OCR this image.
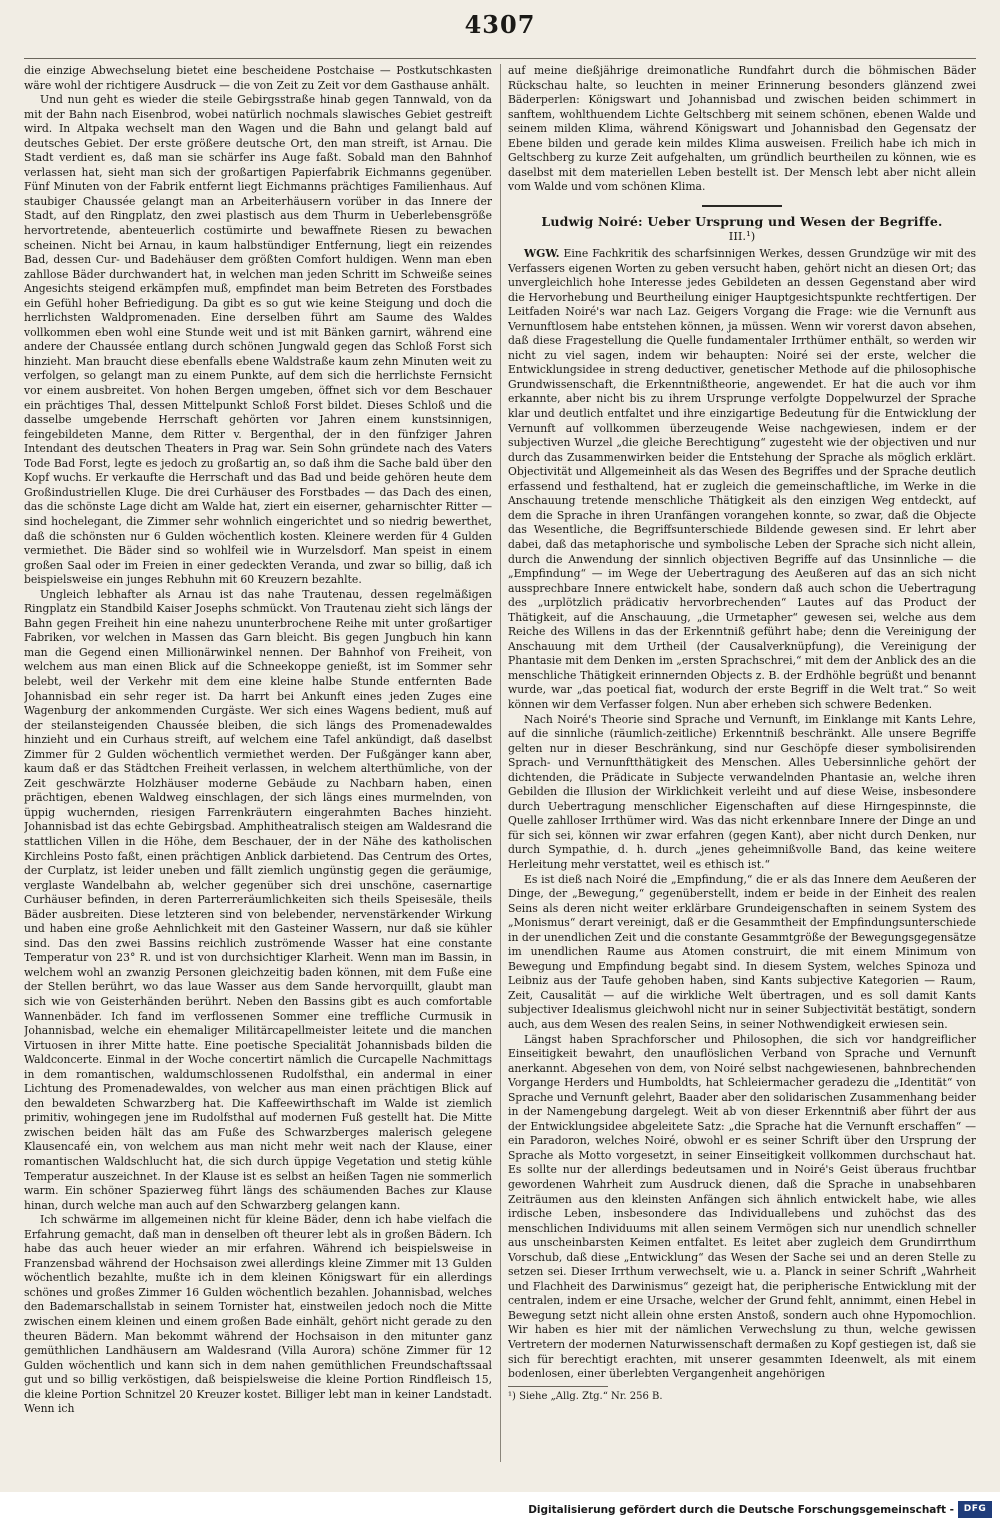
4307

die einzige Abwechselung bietet eine bescheidene Postchaise — Postkutschkasten wäre wohl der richtigere Ausdruck — die von Zeit zu Zeit vor dem Gasthause anhält.

Und nun geht es wieder die steile Gebirgsstraße hinab gegen Tannwald, von da mit der Bahn nach Eisenbrod, wobei natürlich nochmals slawisches Gebiet gestreift wird. In Altpaka wechselt man den Wagen und die Bahn und gelangt bald auf deutsches Gebiet. Der erste größere deutsche Ort, den man streift, ist Arnau. Die Stadt verdient es, daß man sie schärfer ins Auge faßt. Sobald man den Bahnhof verlassen hat, sieht man sich der großartigen Papierfabrik Eichmanns gegenüber. Fünf Minuten von der Fabrik entfernt liegt Eichmanns prächtiges Familienhaus. Auf staubiger Chaussée gelangt man an Arbeiterhäusern vorüber in das Innere der Stadt, auf den Ringplatz, den zwei plastisch aus dem Thurm in Ueberlebensgröße hervortretende, abenteuerlich costümirte und bewaffnete Riesen zu bewachen scheinen. Nicht bei Arnau, in kaum halbstündiger Entfernung, liegt ein reizendes Bad, dessen Cur- und Badehäuser dem größten Comfort huldigen. Wenn man eben zahllose Bäder durchwandert hat, in welchen man jeden Schritt im Schweiße seines Angesichts steigend erkämpfen muß, empfindet man beim Betreten des Forstbades ein Gefühl hoher Befriedigung. Da gibt es so gut wie keine Steigung und doch die herrlichsten Waldpromenaden. Eine derselben führt am Saume des Waldes vollkommen eben wohl eine Stunde weit und ist mit Bänken garnirt, während eine andere der Chaussée entlang durch schönen Jungwald gegen das Schloß Forst sich hinzieht. Man braucht diese ebenfalls ebene Waldstraße kaum zehn Minuten weit zu verfolgen, so gelangt man zu einem Punkte, auf dem sich die herrlichste Fernsicht vor einem ausbreitet. Von hohen Bergen umgeben, öffnet sich vor dem Beschauer ein prächtiges Thal, dessen Mittelpunkt Schloß Forst bildet. Dieses Schloß und die dasselbe umgebende Herrschaft gehörten vor Jahren einem kunstsinnigen, feingebildeten Manne, dem Ritter v. Bergenthal, der in den fünfziger Jahren Intendant des deutschen Theaters in Prag war. Sein Sohn gründete nach des Vaters Tode Bad Forst, legte es jedoch zu großartig an, so daß ihm die Sache bald über den Kopf wuchs. Er verkaufte die Herrschaft und das Bad und beide gehören heute dem Großindustriellen Kluge. Die drei Curhäuser des Forstbades — das Dach des einen, das die schönste Lage dicht am Walde hat, ziert ein eiserner, geharnischter Ritter — sind hochelegant, die Zimmer sehr wohnlich eingerichtet und so niedrig bewerthet, daß die schönsten nur 6 Gulden wöchentlich kosten. Kleinere werden für 4 Gulden vermiethet. Die Bäder sind so wohlfeil wie in Wurzelsdorf. Man speist in einem großen Saal oder im Freien in einer gedeckten Veranda, und zwar so billig, daß ich beispielsweise ein junges Rebhuhn mit 60 Kreuzern bezahlte.

Ungleich lebhafter als Arnau ist das nahe Trautenau, dessen regelmäßigen Ringplatz ein Standbild Kaiser Josephs schmückt. Von Trautenau zieht sich längs der Bahn gegen Freiheit hin eine nahezu ununterbrochene Reihe mit unter großartiger Fabriken, vor welchen in Massen das Garn bleicht. Bis gegen Jungbuch hin kann man die Gegend einen Millionärwinkel nennen. Der Bahnhof von Freiheit, von welchem aus man einen Blick auf die Schneekoppe genießt, ist im Sommer sehr belebt, weil der Verkehr mit dem eine kleine halbe Stunde entfernten Bade Johannisbad ein sehr reger ist. Da harrt bei Ankunft eines jeden Zuges eine Wagenburg der ankommenden Curgäste. Wer sich eines Wagens bedient, muß auf der steilansteigenden Chaussée bleiben, die sich längs des Promenadewaldes hinzieht und ein Curhaus streift, auf welchem eine Tafel ankündigt, daß daselbst Zimmer für 2 Gulden wöchentlich vermiethet werden. Der Fußgänger kann aber, kaum daß er das Städtchen Freiheit verlassen, in welchem alterthümliche, von der Zeit geschwärzte Holzhäuser moderne Gebäude zu Nachbarn haben, einen prächtigen, ebenen Waldweg einschlagen, der sich längs eines murmelnden, von üppig wuchernden, riesigen Farrenkräutern eingerahmten Baches hinzieht. Johannisbad ist das echte Gebirgsbad. Amphitheatralisch steigen am Waldesrand die stattlichen Villen in die Höhe, dem Beschauer, der in der Nähe des katholischen Kirchleins Posto faßt, einen prächtigen Anblick darbietend. Das Centrum des Ortes, der Curplatz, ist leider uneben und fällt ziemlich ungünstig gegen die geräumige, verglaste Wandelbahn ab, welcher gegenüber sich drei unschöne, casernartige Curhäuser befinden, in deren Parterreräumlichkeiten sich theils Speisesäle, theils Bäder ausbreiten. Diese letzteren sind von belebender, nervenstärkender Wirkung und haben eine große Aehnlichkeit mit den Gasteiner Wassern, nur daß sie kühler sind. Das den zwei Bassins reichlich zuströmende Wasser hat eine constante Temperatur von 23° R. und ist von durchsichtiger Klarheit. Wenn man im Bassin, in welchem wohl an zwanzig Personen gleichzeitig baden können, mit dem Fuße eine der Stellen berührt, wo das laue Wasser aus dem Sande hervorquillt, glaubt man sich wie von Geisterhänden berührt. Neben den Bassins gibt es auch comfortable Wannenbäder. Ich fand im verflossenen Sommer eine treffliche Curmusik in Johannisbad, welche ein ehemaliger Militärcapellmeister leitete und die manchen Virtuosen in ihrer Mitte hatte. Eine poetische Specialität Johannisbads bilden die Waldconcerte. Einmal in der Woche concertirt nämlich die Curcapelle Nachmittags in dem romantischen, waldumschlossenen Rudolfsthal, ein andermal in einer Lichtung des Promenadewaldes, von welcher aus man einen prächtigen Blick auf den bewaldeten Schwarzberg hat. Die Kaffeewirthschaft im Walde ist ziemlich primitiv, wohingegen jene im Rudolfsthal auf modernen Fuß gestellt hat. Die Mitte zwischen beiden hält das am Fuße des Schwarzberges malerisch gelegene Klausencafé ein, von welchem aus man nicht mehr weit nach der Klause, einer romantischen Waldschlucht hat, die sich durch üppige Vegetation und stetig kühle Temperatur auszeichnet. In der Klause ist es selbst an heißen Tagen nie sommerlich warm. Ein schöner Spazierweg führt längs des schäumenden Baches zur Klause hinan, durch welche man auch auf den Schwarzberg gelangen kann.

Ich schwärme im allgemeinen nicht für kleine Bäder, denn ich habe vielfach die Erfahrung gemacht, daß man in denselben oft theurer lebt als in großen Bädern. Ich habe das auch heuer wieder an mir erfahren. Während ich beispielsweise in Franzensbad während der Hochsaison zwei allerdings kleine Zimmer mit 13 Gulden wöchentlich bezahlte, mußte ich in dem kleinen Königswart für ein allerdings schönes und großes Zimmer 16 Gulden wöchentlich bezahlen. Johannisbad, welches den Bademarschallstab in seinem Tornister hat, einstweilen jedoch noch die Mitte zwischen einem kleinen und einem großen Bade einhält, gehört nicht gerade zu den theuren Bädern. Man bekommt während der Hochsaison in den mitunter ganz gemüthlichen Landhäusern am Waldesrand (Villa Aurora) schöne Zimmer für 12 Gulden wöchentlich und kann sich in dem nahen gemüthlichen Freundschaftssaal gut und so billig verköstigen, daß beispielsweise die kleine Portion Rindfleisch 15, die kleine Portion Schnitzel 20 Kreuzer kostet. Billiger lebt man in keiner Landstadt. Wenn ich

auf meine dießjährige dreimonatliche Rundfahrt durch die böhmischen Bäder Rückschau halte, so leuchten in meiner Erinnerung besonders glänzend zwei Bäderperlen: Königswart und Johannisbad und zwischen beiden schimmert in sanftem, wohlthuendem Lichte Geltschberg mit seinem schönen, ebenen Walde und seinem milden Klima, während Königswart und Johannisbad den Gegensatz der Ebene bilden und gerade kein mildes Klima ausweisen. Freilich habe ich mich in Geltschberg zu kurze Zeit aufgehalten, um gründlich beurtheilen zu können, wie es daselbst mit dem materiellen Leben bestellt ist. Der Mensch lebt aber nicht allein vom Walde und vom schönen Klima.

Ludwig Noiré: Ueber Ursprung und Wesen der Begriffe.
III.¹)

WGW. Eine Fachkritik des scharfsinnigen Werkes, dessen Grundzüge wir mit des Verfassers eigenen Worten zu geben versucht haben, gehört nicht an diesen Ort; das unvergleichlich hohe Interesse jedes Gebildeten an dessen Gegenstand aber wird die Hervorhebung und Beurtheilung einiger Hauptgesichtspunkte rechtfertigen. Der Leitfaden Noiré's war nach Laz. Geigers Vorgang die Frage: wie die Vernunft aus Vernunftlosem habe entstehen können, ja müssen. Wenn wir vorerst davon absehen, daß diese Fragestellung die Quelle fundamentaler Irrthümer enthält, so werden wir nicht zu viel sagen, indem wir behaupten: Noiré sei der erste, welcher die Entwicklungsidee in streng deductiver, genetischer Methode auf die philosophische Grundwissenschaft, die Erkenntnißtheorie, angewendet. Er hat die auch vor ihm erkannte, aber nicht bis zu ihrem Ursprunge verfolgte Doppelwurzel der Sprache klar und deutlich entfaltet und ihre einzigartige Bedeutung für die Entwicklung der Vernunft auf vollkommen überzeugende Weise nachgewiesen, indem er der subjectiven Wurzel „die gleiche Berechtigung“ zugesteht wie der objectiven und nur durch das Zusammenwirken beider die Entstehung der Sprache als möglich erklärt. Objectivität und Allgemeinheit als das Wesen des Begriffes und der Sprache deutlich erfassend und festhaltend, hat er zugleich die gemeinschaftliche, im Werke in die Anschauung tretende menschliche Thätigkeit als den einzigen Weg entdeckt, auf dem die Sprache in ihren Uranfängen vorangehen konnte, so zwar, daß die Objecte das Wesentliche, die Begriffsunterschiede Bildende gewesen sind. Er lehrt aber dabei, daß das metaphorische und symbolische Leben der Sprache sich nicht allein, durch die Anwendung der sinnlich objectiven Begriffe auf das Unsinnliche — die „Empfindung“ — im Wege der Uebertragung des Aeußeren auf das an sich nicht aussprechbare Innere entwickelt habe, sondern daß auch schon die Uebertragung des „urplötzlich prädicativ hervorbrechenden“ Lautes auf das Product der Thätigkeit, auf die Anschauung, „die Urmetapher“ gewesen sei, welche aus dem Reiche des Willens in das der Erkenntniß geführt habe; denn die Vereinigung der Anschauung mit dem Urtheil (der Causalverknüpfung), die Vereinigung der Phantasie mit dem Denken im „ersten Sprachschrei,“ mit dem der Anblick des an die menschliche Thätigkeit erinnernden Objects z. B. der Erdhöhle begrüßt und benannt wurde, war „das poetical fiat, wodurch der erste Begriff in die Welt trat.“ So weit können wir dem Verfasser folgen. Nun aber erheben sich schwere Bedenken.

Nach Noiré's Theorie sind Sprache und Vernunft, im Einklange mit Kants Lehre, auf die sinnliche (räumlich-zeitliche) Erkenntniß beschränkt. Alle unsere Begriffe gelten nur in dieser Beschränkung, sind nur Geschöpfe dieser symbolisirenden Sprach- und Vernunftthätigkeit des Menschen. Alles Uebersinnliche gehört der dichtenden, die Prädicate in Subjecte verwandelnden Phantasie an, welche ihren Gebilden die Illusion der Wirklichkeit verleiht und auf diese Weise, insbesondere durch Uebertragung menschlicher Eigenschaften auf diese Hirngespinnste, die Quelle zahlloser Irrthümer wird. Was das nicht erkennbare Innere der Dinge an und für sich sei, können wir zwar erfahren (gegen Kant), aber nicht durch Denken, nur durch Sympathie, d. h. durch „jenes geheimnißvolle Band, das keine weitere Herleitung mehr verstattet, weil es ethisch ist.“

Es ist dieß nach Noiré die „Empfindung,“ die er als das Innere dem Aeußeren der Dinge, der „Bewegung,“ gegenüberstellt, indem er beide in der Einheit des realen Seins als deren nicht weiter erklärbare Grundeigenschaften in seinem System des „Monismus“ derart vereinigt, daß er die Gesammtheit der Empfindungsunterschiede in der unendlichen Zeit und die constante Gesammtgröße der Bewegungsgegensätze im unendlichen Raume aus Atomen construirt, die mit einem Minimum von Bewegung und Empfindung begabt sind. In diesem System, welches Spinoza und Leibniz aus der Taufe gehoben haben, sind Kants subjective Kategorien — Raum, Zeit, Causalität — auf die wirkliche Welt übertragen, und es soll damit Kants subjectiver Idealismus gleichwohl nicht nur in seiner Subjectivität bestätigt, sondern auch, aus dem Wesen des realen Seins, in seiner Nothwendigkeit erwiesen sein.

Längst haben Sprachforscher und Philosophen, die sich vor handgreiflicher Einseitigkeit bewahrt, den unauflöslichen Verband von Sprache und Vernunft anerkannt. Abgesehen von dem, von Noiré selbst nachgewiesenen, bahnbrechenden Vorgange Herders und Humboldts, hat Schleiermacher geradezu die „Identität“ von Sprache und Vernunft gelehrt, Baader aber den solidarischen Zusammenhang beider in der Namengebung dargelegt. Weit ab von dieser Erkenntniß aber führt der aus der Entwicklungsidee abgeleitete Satz: „die Sprache hat die Vernunft erschaffen“ — ein Paradoron, welches Noiré, obwohl er es seiner Schrift über den Ursprung der Sprache als Motto vorgesetzt, in seiner Einseitigkeit vollkommen durchschaut hat. Es sollte nur der allerdings bedeutsamen und in Noiré's Geist überaus fruchtbar gewordenen Wahrheit zum Ausdruck dienen, daß die Sprache in unabsehbaren Zeiträumen aus den kleinsten Anfängen sich ähnlich entwickelt habe, wie alles irdische Leben, insbesondere das Individuallebens und zuhöchst das des menschlichen Individuums mit allen seinem Vermögen sich nur unendlich schneller aus unscheinbarsten Keimen entfaltet. Es leitet aber zugleich dem Grundirrthum Vorschub, daß diese „Entwicklung“ das Wesen der Sache sei und an deren Stelle zu setzen sei. Dieser Irrthum verwechselt, wie u. a. Planck in seiner Schrift „Wahrheit und Flachheit des Darwinismus“ gezeigt hat, die peripherische Entwicklung mit der centralen, indem er eine Ursache, welcher der Grund fehlt, annimmt, einen Hebel in Bewegung setzt nicht allein ohne ersten Anstoß, sondern auch ohne Hypomochlion. Wir haben es hier mit der nämlichen Verwechslung zu thun, welche gewissen Vertretern der modernen Naturwissenschaft dermaßen zu Kopf gestiegen ist, daß sie sich für berechtigt erachten, mit unserer gesammten Ideenwelt, als mit einem bodenlosen, einer überlebten Vergangenheit angehörigen

¹) Siehe „Allg. Ztg.“ Nr. 256 B.

Digitalisierung gefördert durch die Deutsche Forschungsgemeinschaft -	DFG
